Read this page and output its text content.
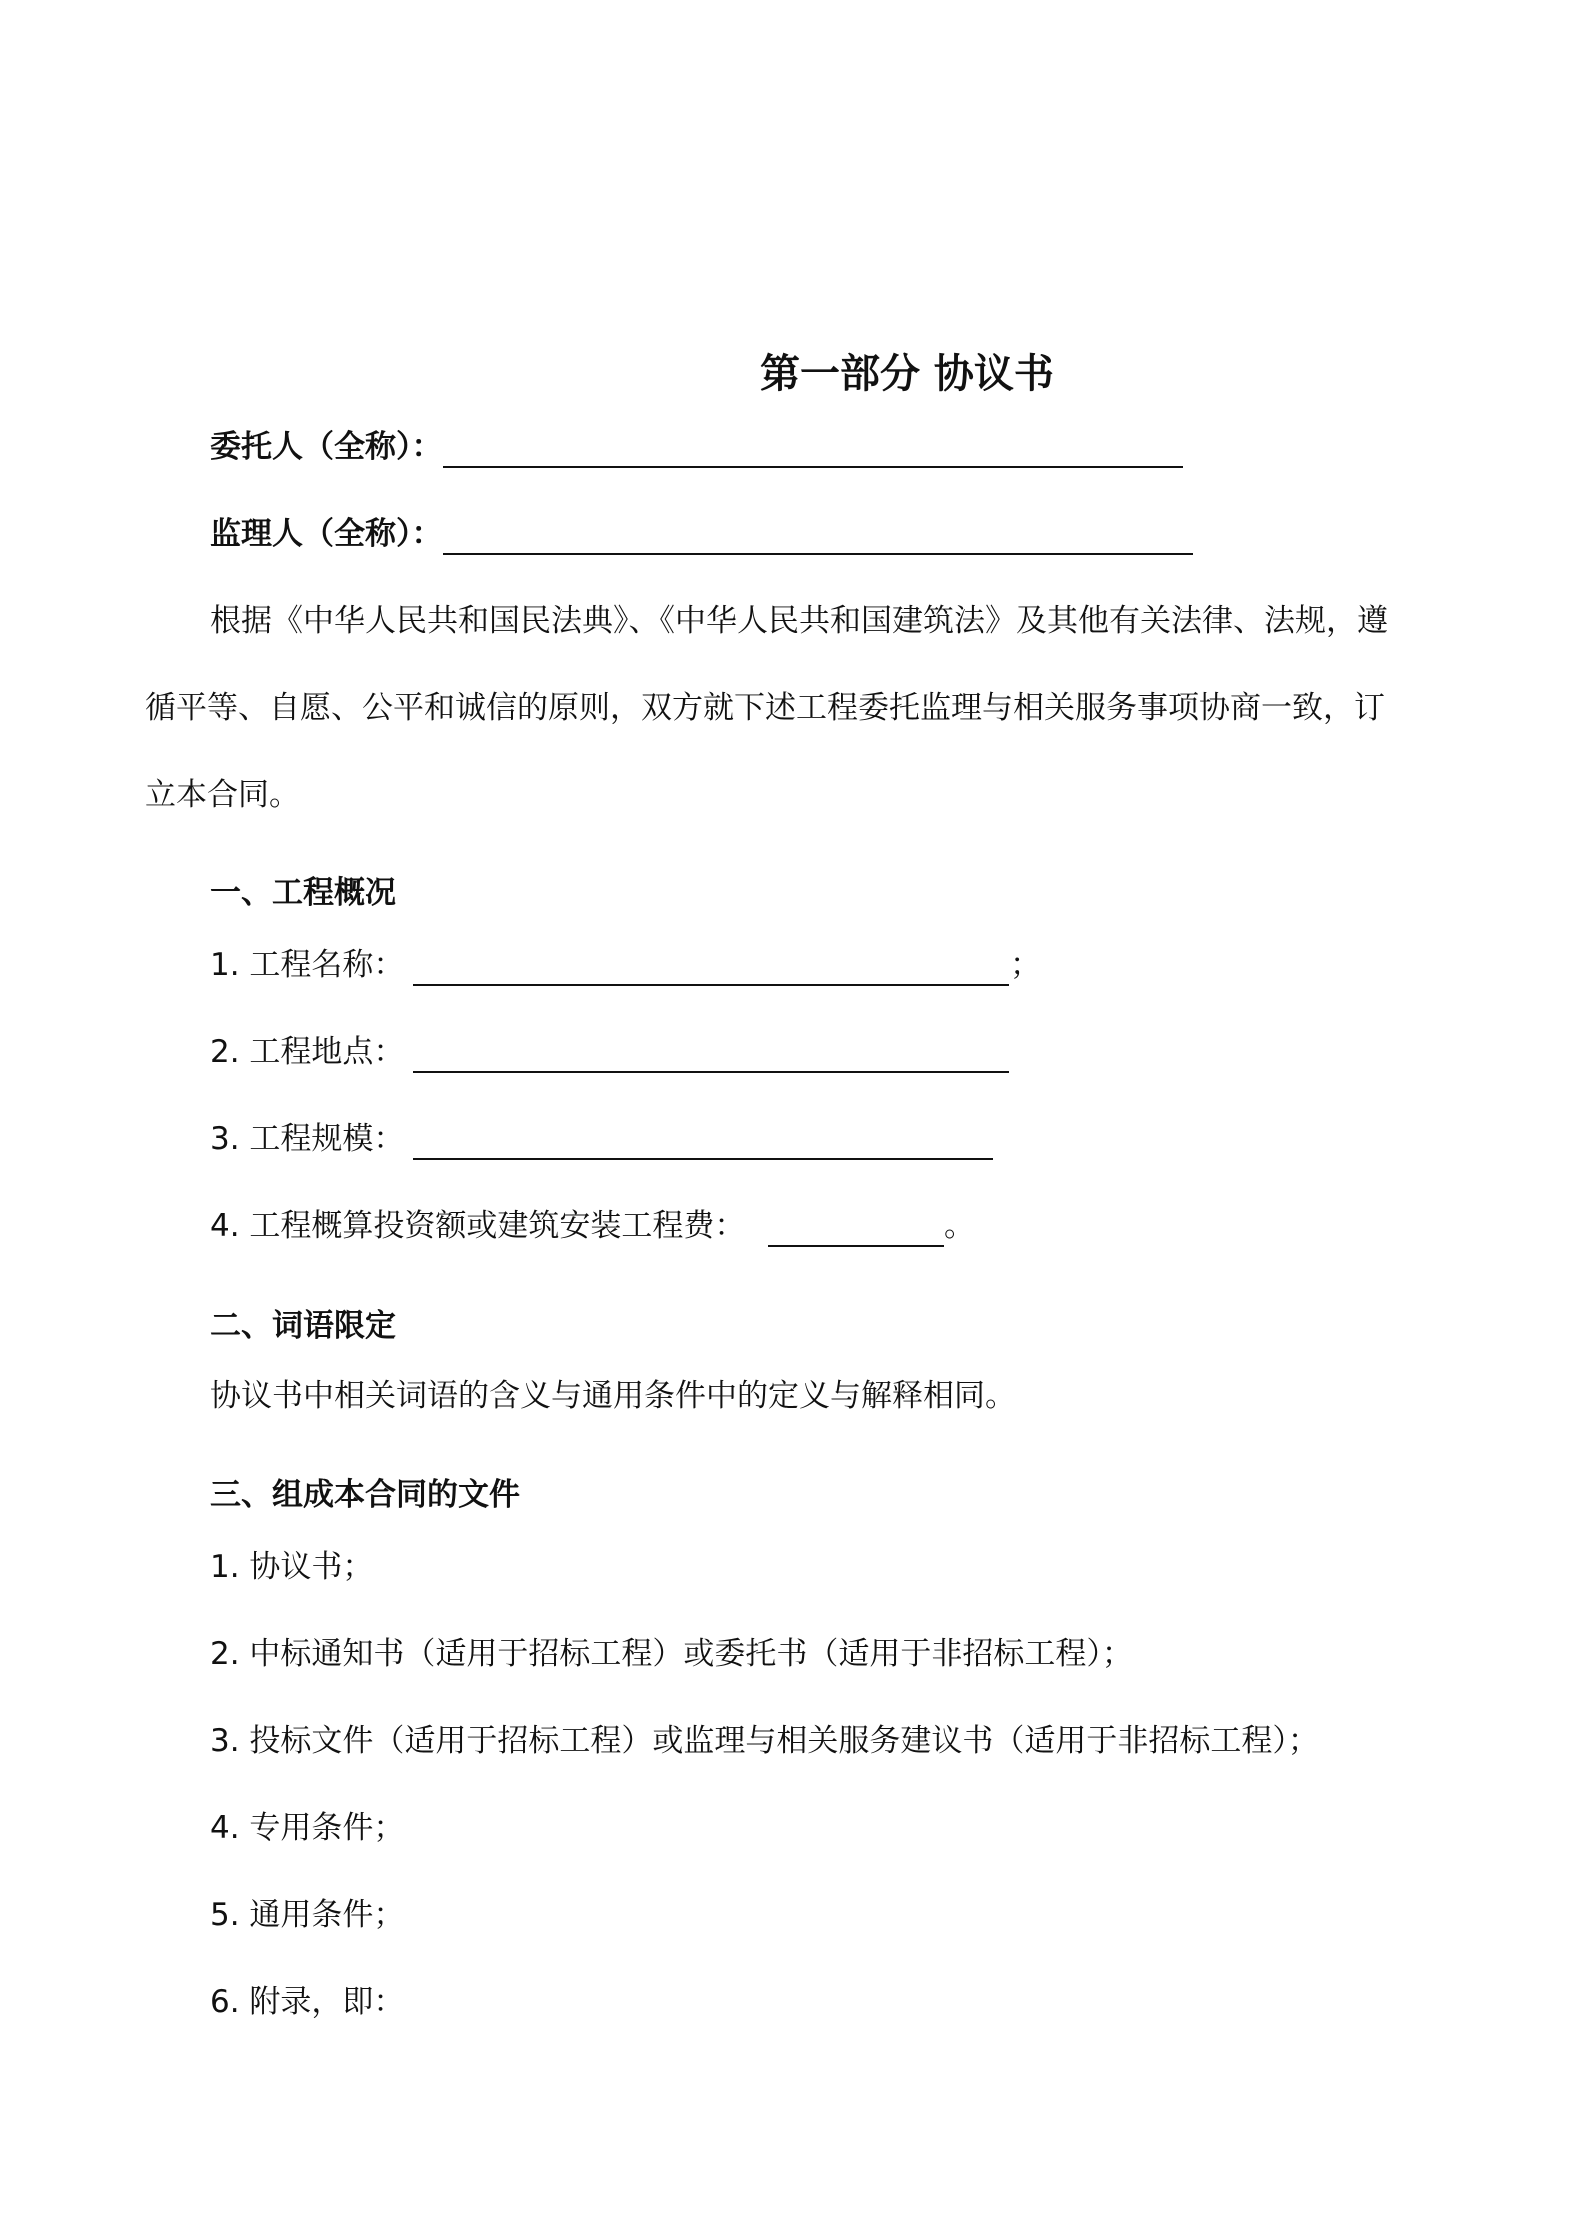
第一部分 协议书
委托人（全称）：
监理人（全称）：
根据《中华人民共和国民法典》、《中华人民共和国建筑法》及其他有关法律、法规，遵
循平等、自愿、公平和诚信的原则，双方就下述工程委托监理与相关服务事项协商一致，订
立本合同。
一、工程概况
1. 工程名称：	；
2. 工程地点：
3. 工程规模：
4. 工程概算投资额或建筑安装工程费：	。
二、词语限定
协议书中相关词语的含义与通用条件中的定义与解释相同。
三、组成本合同的文件
1. 协议书；
2. 中标通知书（适用于招标工程）或委托书（适用于非招标工程）；
3. 投标文件（适用于招标工程）或监理与相关服务建议书（适用于非招标工程）；
4. 专用条件；
5. 通用条件；
6. 附录，即：
